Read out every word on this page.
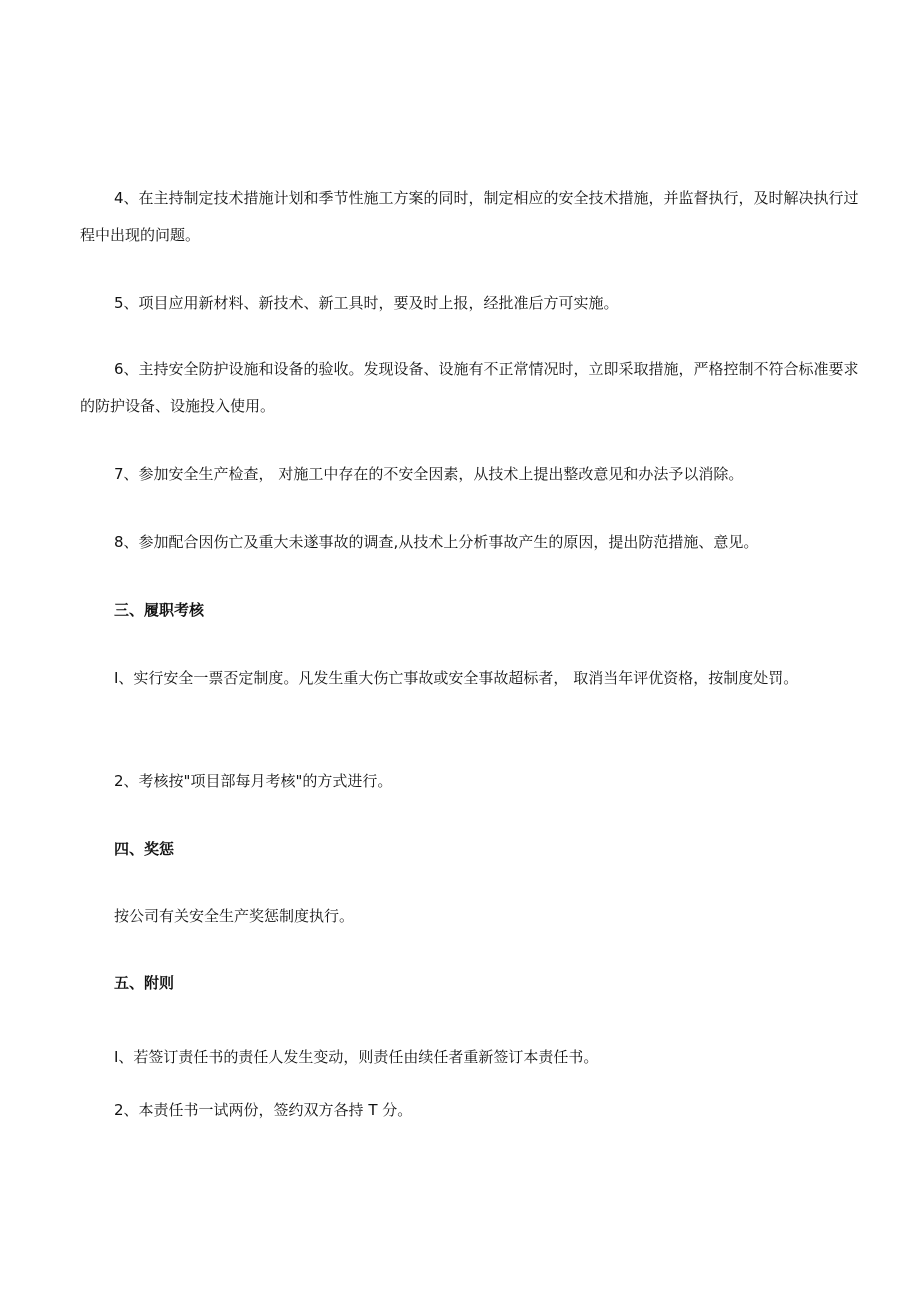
4、在主持制定技术措施计划和季节性施工方案的同时，制定相应的安全技术措施，并监督执行，及时解决执行过程中出现的问题。

5、项目应用新材料、新技术、新工具时，要及时上报，经批准后方可实施。

6、主持安全防护设施和设备的验收。发现设备、设施有不正常情况时，立即采取措施，严格控制不符合标准要求的防护设备、设施投入使用。

7、参加安全生产检查， 对施工中存在的不安全因素，从技术上提出整改意见和办法予以消除。

8、参加配合因伤亡及重大未遂事故的调查,从技术上分析事故产生的原因，提出防范措施、意见。

三、履职考核

I、实行安全一票否定制度。凡发生重大伤亡事故或安全事故超标者， 取消当年评优资格，按制度处罚。

2、考核按"项目部每月考核"的方式进行。

四、奖惩

按公司有关安全生产奖惩制度执行。

五、附则

I、若签订责任书的责任人发生变动，则责任由续任者重新签订本责任书。

2、本责任书一试两份，签约双方各持 T 分。
